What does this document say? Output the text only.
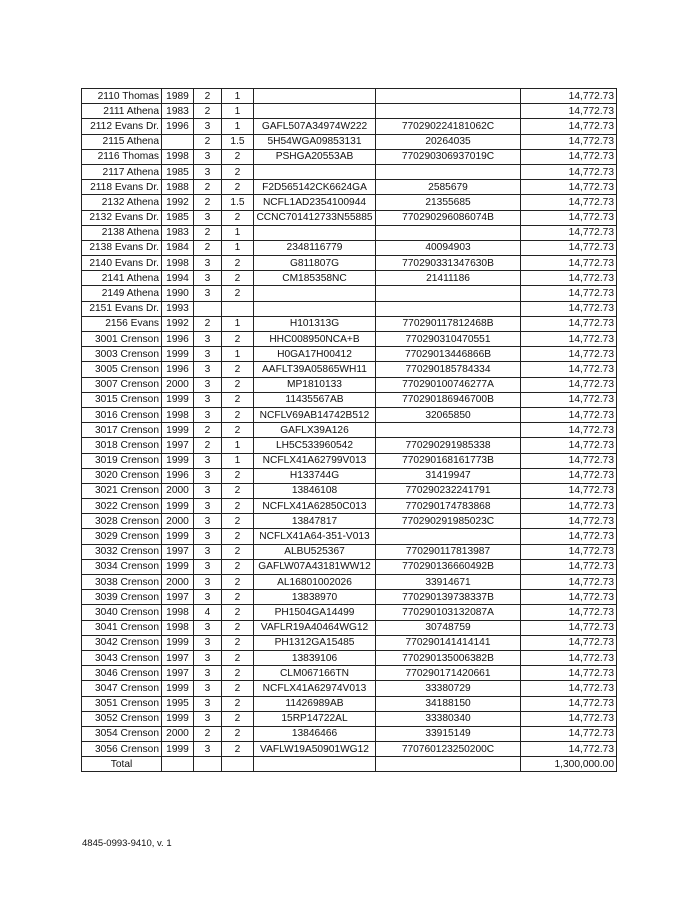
2110 Thomas	1989	2	1			14,772.73
2111 Athena	1983	2	1			14,772.73
2112 Evans Dr.	1996	3	1	GAFL507A34974W222	770290224181062C	14,772.73
2115 Athena		2	1.5	5H54WGA09853131	20264035	14,772.73
2116 Thomas	1998	3	2	PSHGA20553AB	770290306937019C	14,772.73
2117 Athena	1985	3	2			14,772.73
2118 Evans Dr.	1988	2	2	F2D565142CK6624GA	2585679	14,772.73
2132 Athena	1992	2	1.5	NCFL1AD2354100944	21355685	14,772.73
2132 Evans Dr.	1985	3	2	CCNC701412733N55885	770290296086074B	14,772.73
2138 Athena	1983	2	1			14,772.73
2138 Evans Dr.	1984	2	1	2348116779	40094903	14,772.73
2140 Evans Dr.	1998	3	2	G811807G	770290331347630B	14,772.73
2141 Athena	1994	3	2	CM185358NC	21411186	14,772.73
2149 Athena	1990	3	2			14,772.73
2151 Evans Dr.	1993					14,772.73
2156 Evans	1992	2	1	H101313G	770290117812468B	14,772.73
3001 Crenson	1996	3	2	HHC008950NCA+B	770290310470551	14,772.73
3003 Crenson	1999	3	1	H0GA17H00412	77029013446866B	14,772.73
3005 Crenson	1996	3	2	AAFLT39A05865WH11	770290185784334	14,772.73
3007 Crenson	2000	3	2	MP1810133	770290100746277A	14,772.73
3015 Crenson	1999	3	2	11435567AB	770290186946700B	14,772.73
3016 Crenson	1998	3	2	NCFLV69AB14742B512	32065850	14,772.73
3017 Crenson	1999	2	2	GAFLX39A126		14,772.73
3018 Crenson	1997	2	1	LH5C533960542	770290291985338	14,772.73
3019 Crenson	1999	3	1	NCFLX41A62799V013	770290168161773B	14,772.73
3020 Crenson	1996	3	2	H133744G	31419947	14,772.73
3021 Crenson	2000	3	2	13846108	770290232241791	14,772.73
3022 Crenson	1999	3	2	NCFLX41A62850C013	770290174783868	14,772.73
3028 Crenson	2000	3	2	13847817	770290291985023C	14,772.73
3029 Crenson	1999	3	2	NCFLX41A64-351-V013		14,772.73
3032 Crenson	1997	3	2	ALBU525367	770290117813987	14,772.73
3034 Crenson	1999	3	2	GAFLW07A43181WW12	770290136660492B	14,772.73
3038 Crenson	2000	3	2	AL16801002026	33914671	14,772.73
3039 Crenson	1997	3	2	13838970	770290139738337B	14,772.73
3040 Crenson	1998	4	2	PH1504GA14499	770290103132087A	14,772.73
3041 Crenson	1998	3	2	VAFLR19A40464WG12	30748759	14,772.73
3042 Crenson	1999	3	2	PH1312GA15485	770290141414141	14,772.73
3043 Crenson	1997	3	2	13839106	770290135006382B	14,772.73
3046 Crenson	1997	3	2	CLM067166TN	770290171420661	14,772.73
3047 Crenson	1999	3	2	NCFLX41A62974V013	33380729	14,772.73
3051 Crenson	1995	3	2	11426989AB	34188150	14,772.73
3052 Crenson	1999	3	2	15RP14722AL	33380340	14,772.73
3054 Crenson	2000	2	2	13846466	33915149	14,772.73
3056 Crenson	1999	3	2	VAFLW19A50901WG12	770760123250200C	14,772.73
Total						1,300,000.00
4845-0993-9410, v. 1
